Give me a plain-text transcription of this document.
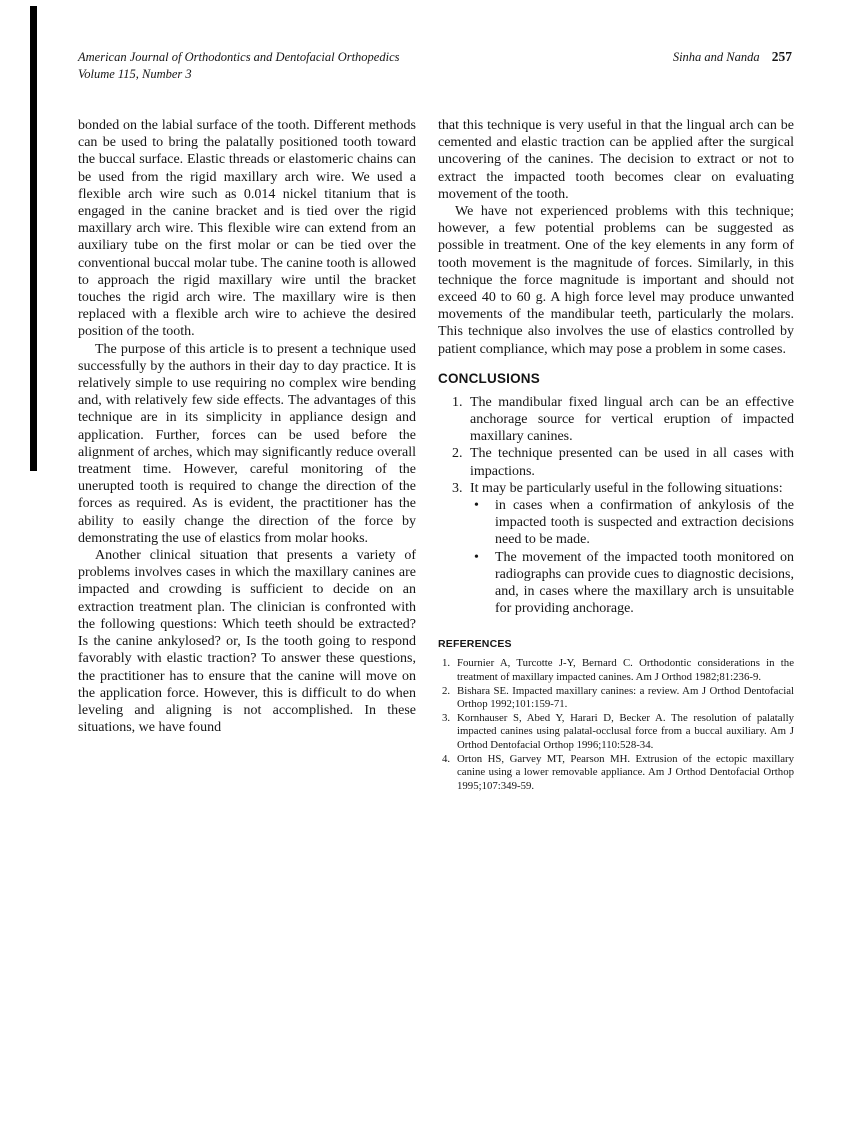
American Journal of Orthodontics and Dentofacial Orthopedics
Volume 115, Number 3
Sinha and Nanda 257

bonded on the labial surface of the tooth. Different methods can be used to bring the palatally positioned tooth toward the buccal surface. Elastic threads or elastomeric chains can be used from the rigid maxillary arch wire. We used a flexible arch wire such as 0.014 nickel titanium that is engaged in the canine bracket and is tied over the rigid maxillary arch wire. This flexible wire can extend from an auxiliary tube on the first molar or can be tied over the conventional buccal molar tube. The canine tooth is allowed to approach the rigid maxillary wire until the bracket touches the rigid arch wire. The maxillary wire is then replaced with a flexible arch wire to achieve the desired position of the tooth.

The purpose of this article is to present a technique used successfully by the authors in their day to day practice. It is relatively simple to use requiring no complex wire bending and, with relatively few side effects. The advantages of this technique are in its simplicity in appliance design and application. Further, forces can be used before the alignment of arches, which may significantly reduce overall treatment time. However, careful monitoring of the unerupted tooth is required to change the direction of the forces as required. As is evident, the practitioner has the ability to easily change the direction of the force by demonstrating the use of elastics from molar hooks.

Another clinical situation that presents a variety of problems involves cases in which the maxillary canines are impacted and crowding is sufficient to decide on an extraction treatment plan. The clinician is confronted with the following questions: Which teeth should be extracted? Is the canine ankylosed? or, Is the tooth going to respond favorably with elastic traction? To answer these questions, the practitioner has to ensure that the canine will move on the application force. However, this is difficult to do when leveling and aligning is not accomplished. In these situations, we have found

that this technique is very useful in that the lingual arch can be cemented and elastic traction can be applied after the surgical uncovering of the canines. The decision to extract or not to extract the impacted tooth becomes clear on evaluating movement of the tooth.

We have not experienced problems with this technique; however, a few potential problems can be suggested as possible in treatment. One of the key elements in any form of tooth movement is the magnitude of forces. Similarly, in this technique the force magnitude is important and should not exceed 40 to 60 g. A high force level may produce unwanted movements of the mandibular teeth, particularly the molars. This technique also involves the use of elastics controlled by patient compliance, which may pose a problem in some cases.

CONCLUSIONS
1. The mandibular fixed lingual arch can be an effective anchorage source for vertical eruption of impacted maxillary canines.
2. The technique presented can be used in all cases with impactions.
3. It may be particularly useful in the following situations:
•	in cases when a confirmation of ankylosis of the impacted tooth is suspected and extraction decisions need to be made.
•	The movement of the impacted tooth monitored on radiographs can provide cues to diagnostic decisions, and, in cases where the maxillary arch is unsuitable for providing anchorage.
REFERENCES
1. Fournier A, Turcotte J-Y, Bernard C. Orthodontic considerations in the treatment of maxillary impacted canines. Am J Orthod 1982;81:236-9.
2. Bishara SE. Impacted maxillary canines: a review. Am J Orthod Dentofacial Orthop 1992;101:159-71.
3. Kornhauser S, Abed Y, Harari D, Becker A. The resolution of palatally impacted canines using palatal-occlusal force from a buccal auxiliary. Am J Orthod Dentofacial Orthop 1996;110:528-34.
4. Orton HS, Garvey MT, Pearson MH. Extrusion of the ectopic maxillary canine using a lower removable appliance. Am J Orthod Dentofacial Orthop 1995;107:349-59.
